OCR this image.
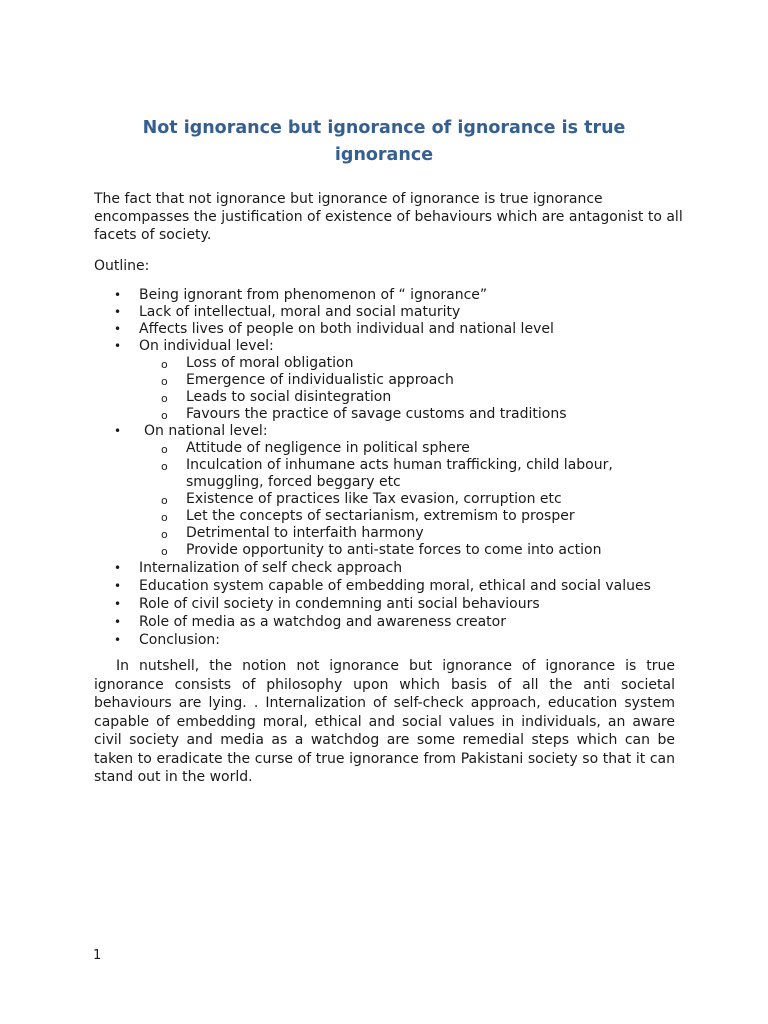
Not ignorance but ignorance of ignorance is true ignorance

The fact that not ignorance but ignorance of ignorance is true ignorance encompasses the justification of existence of behaviours which are antagonist to all facets of society.

Outline:

• Being ignorant from phenomenon of “ ignorance”
• Lack of intellectual, moral and social maturity
• Affects lives of people on both individual and national level
• On individual level:
o Loss of moral obligation
o Emergence of individualistic approach
o Leads to social disintegration
o Favours the practice of savage customs and traditions
• On national level:
o Attitude of negligence in political sphere
o Inculcation of inhumane acts human trafficking, child labour, smuggling, forced beggary etc
o Existence of practices like Tax evasion, corruption etc
o Let the concepts of sectarianism, extremism to prosper
o Detrimental to interfaith harmony
o Provide opportunity to anti-state forces to come into action
• Internalization of self check approach
• Education system capable of embedding moral, ethical and social values
• Role of civil society in condemning anti social behaviours
• Role of media as a watchdog and awareness creator
• Conclusion:

In nutshell, the notion not ignorance but ignorance of ignorance is true ignorance consists of philosophy upon which basis of all the anti societal behaviours are lying. . Internalization of self-check approach, education system capable of embedding moral, ethical and social values in individuals, an aware civil society and media as a watchdog are some remedial steps which can be taken to eradicate the curse of true ignorance from Pakistani society so that it can stand out in the world.

1
